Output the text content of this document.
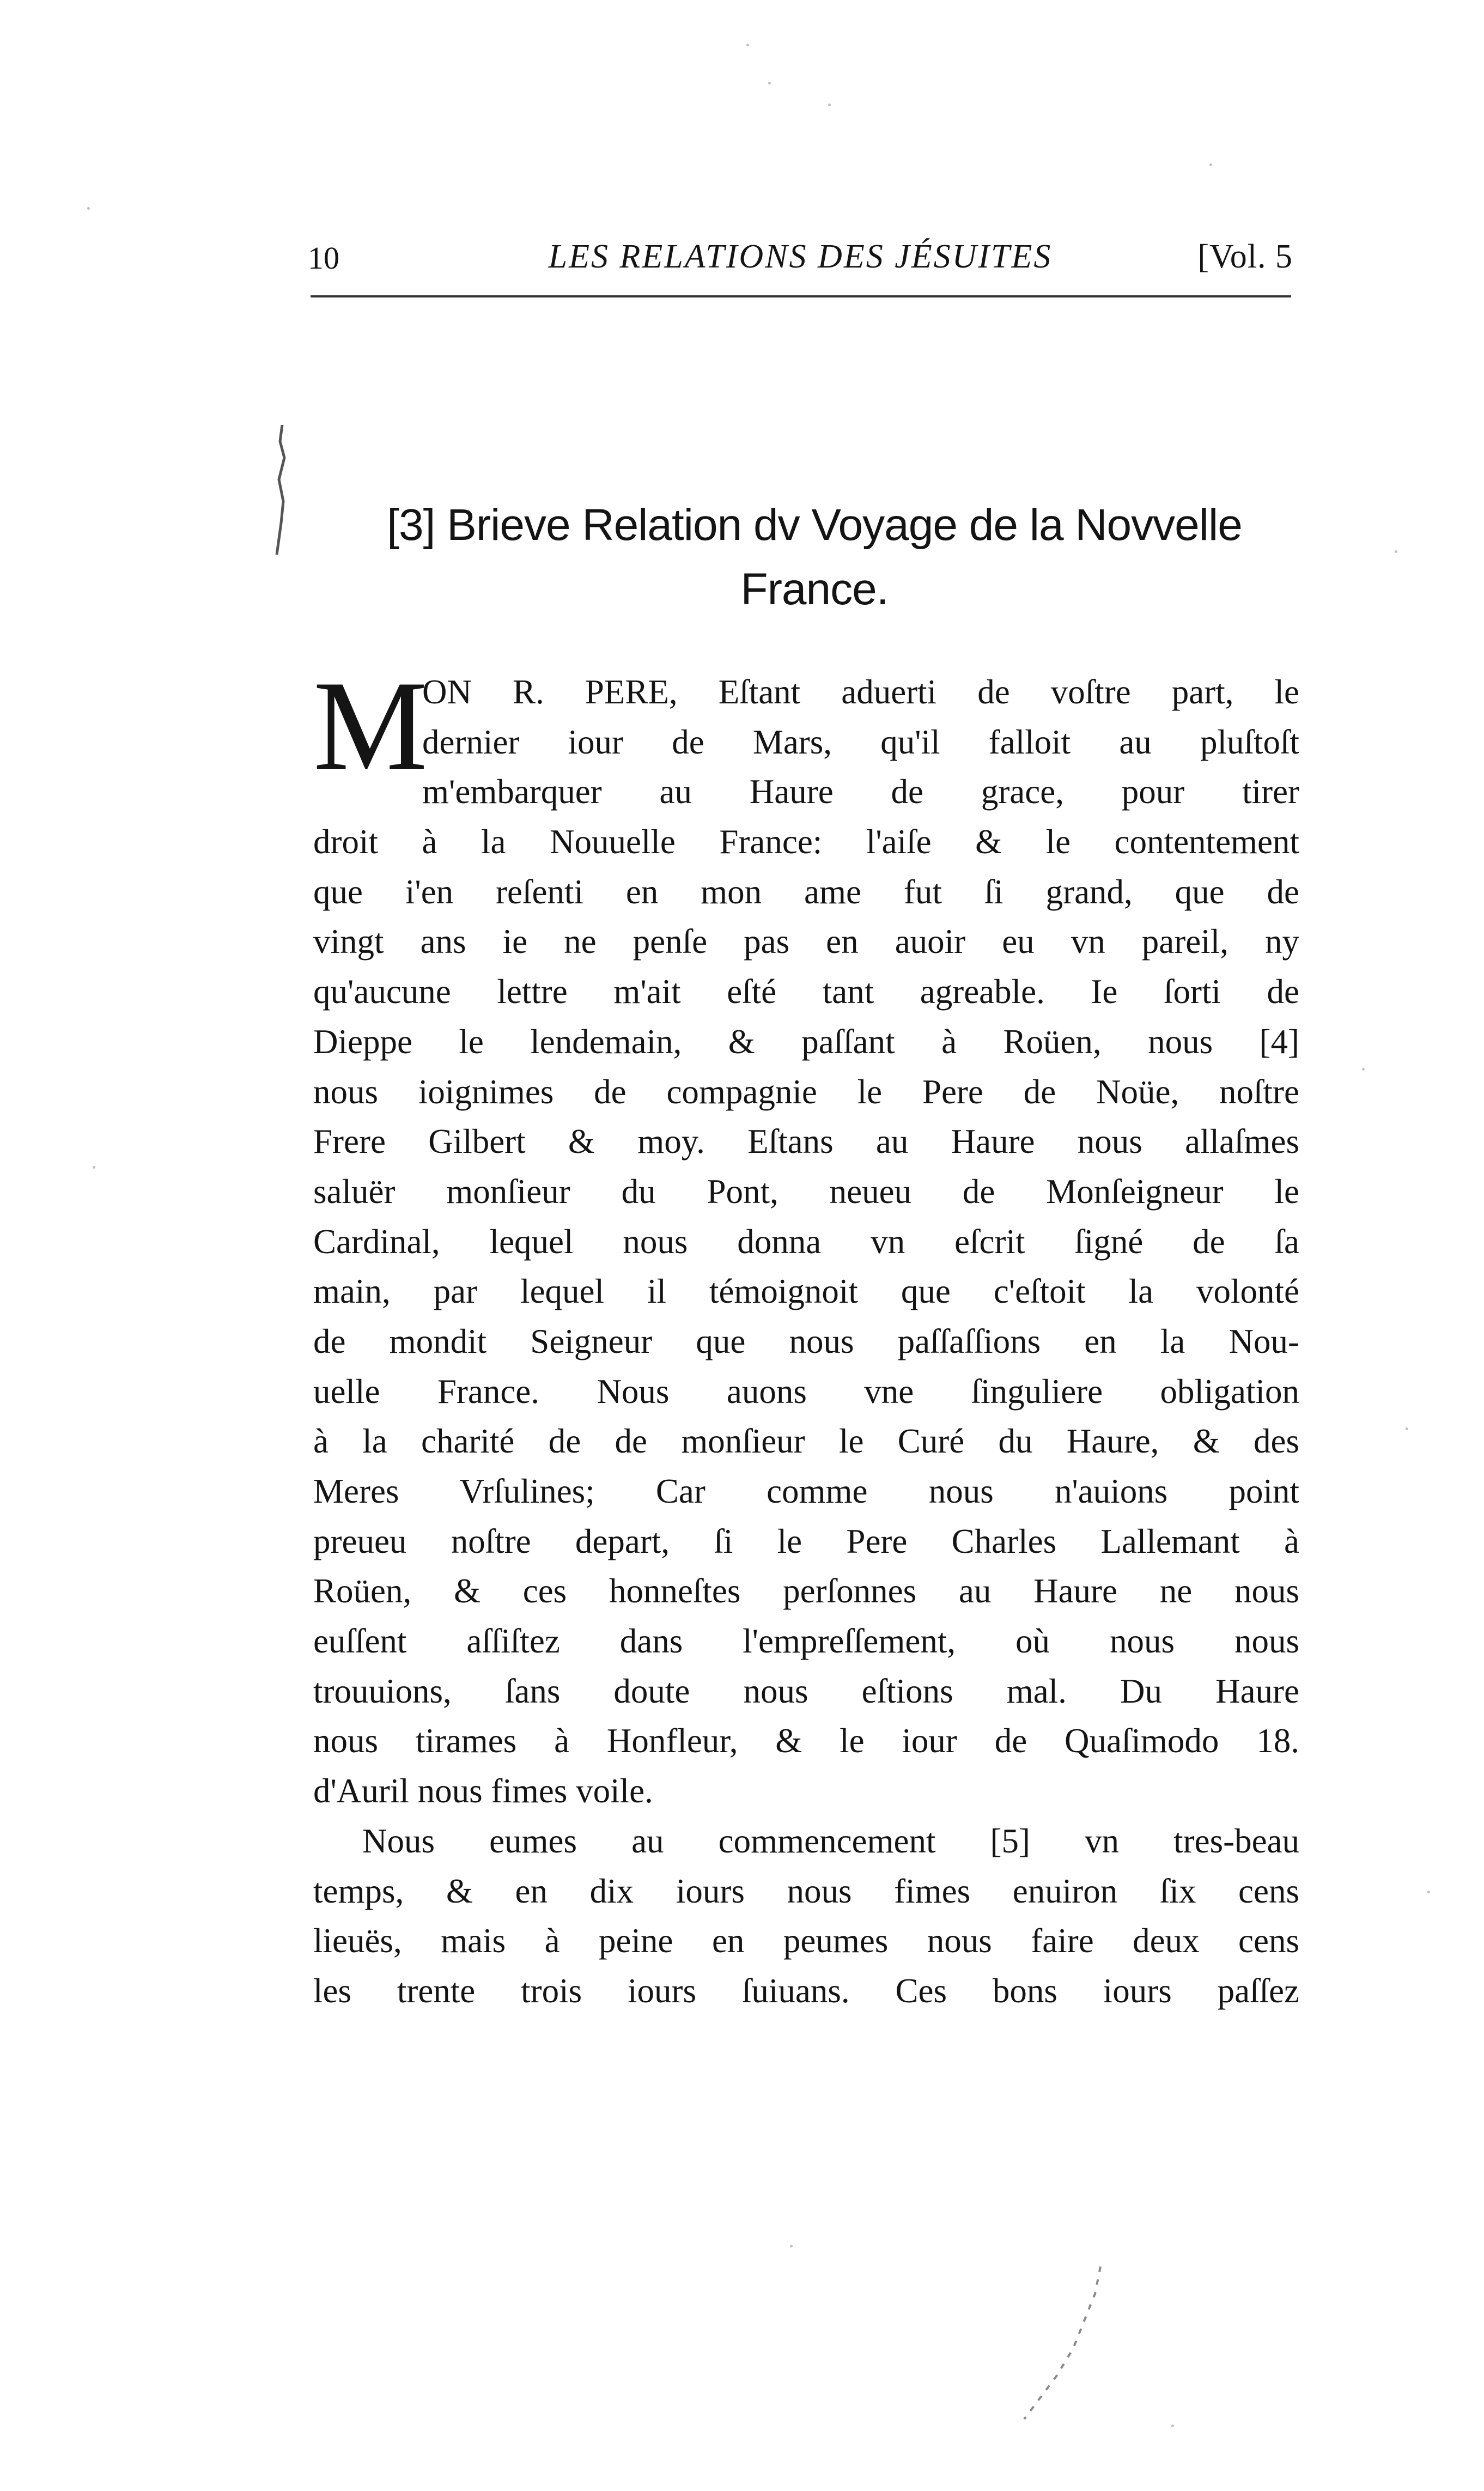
10	LES RELATIONS DES JÉSUITES	[Vol. 5
[3] Brieve Relation dv Voyage de la Novvelle
France.
M
ON R. PERE, Eſtant aduerti de voſtre part, le
dernier iour de Mars, qu'il falloit au pluſtoſt
m'embarquer au Haure de grace, pour tirer
droit à la Nouuelle France: l'aiſe & le contentement
que i'en reſenti en mon ame fut ſi grand, que de
vingt ans ie ne penſe pas en auoir eu vn pareil, ny
qu'aucune lettre m'ait eſté tant agreable. Ie ſorti de
Dieppe le lendemain, & paſſant à Roüen, nous [4]
nous ioignimes de compagnie le Pere de Noüe, noſtre
Frere Gilbert & moy. Eſtans au Haure nous allaſmes
saluër monſieur du Pont, neueu de Monſeigneur le
Cardinal, lequel nous donna vn eſcrit ſigné de ſa
main, par lequel il témoignoit que c'eſtoit la volonté
de mondit Seigneur que nous paſſaſſions en la Nou-
uelle France. Nous auons vne ſinguliere obligation
à la charité de de monſieur le Curé du Haure, & des
Meres Vrſulines; Car comme nous n'auions point
preueu noſtre depart, ſi le Pere Charles Lallemant à
Roüen, & ces honneſtes perſonnes au Haure ne nous
euſſent aſſiſtez dans l'empreſſement, où nous nous
trouuions, ſans doute nous eſtions mal. Du Haure
nous tirames à Honfleur, & le iour de Quaſimodo 18.
d'Auril nous fimes voile.
Nous eumes au commencement [5] vn tres-beau
temps, & en dix iours nous fimes enuiron ſix cens
lieuës, mais à peine en peumes nous faire deux cens
les trente trois iours ſuiuans. Ces bons iours paſſez
